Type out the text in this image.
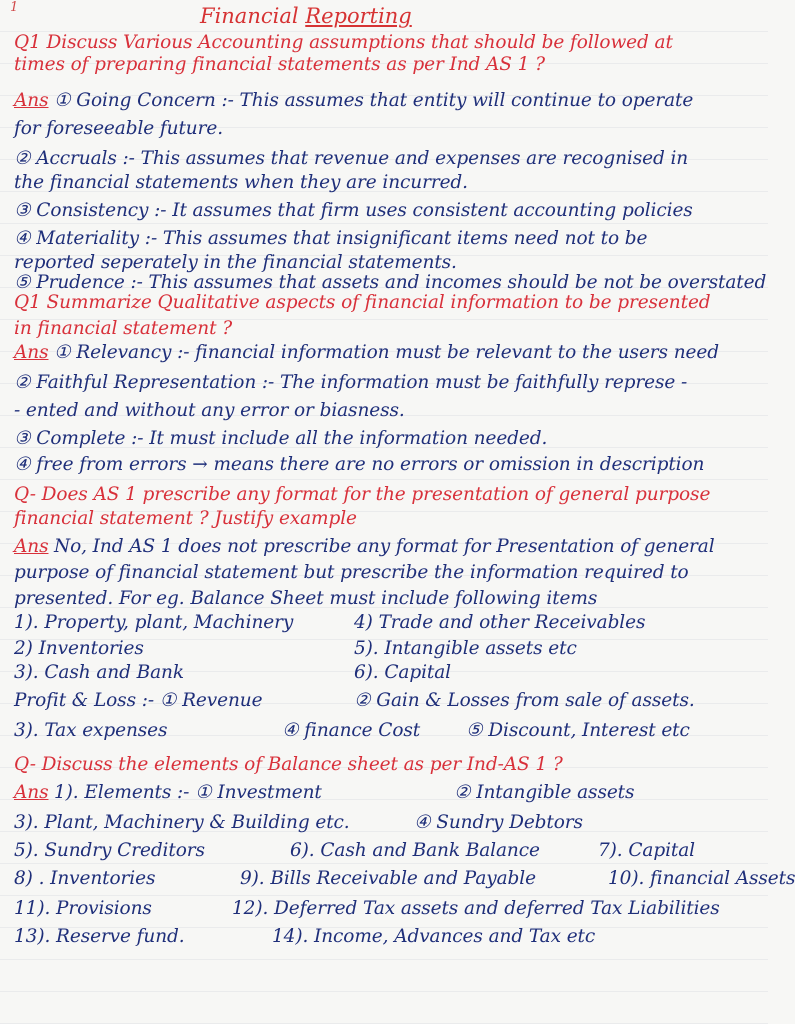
1	Financial Reporting
Q1 Discuss Various Accounting assumptions that should be followed at
times of preparing financial statements as per Ind AS 1 ?
Ans ① Going Concern :- This assumes that entity will continue to operate
for foreseeable future.
② Accruals :- This assumes that revenue and expenses are recognised in
the financial statements when they are incurred.
③ Consistency :- It assumes that firm uses consistent accounting policies
④ Materiality :- This assumes that insignificant items need not to be
reported seperately in the financial statements.
⑤ Prudence :- This assumes that assets and incomes should be not be overstated
Q1 Summarize Qualitative aspects of financial information to be presented
in financial statement ?
Ans ① Relevancy :- financial information must be relevant to the users need
② Faithful Representation :- The information must be faithfully represe -
- ented and without any error or biasness.
③ Complete :- It must include all the information needed.
④ free from errors → means there are no errors or omission in description
Q- Does AS 1 prescribe any format for the presentation of general purpose
financial statement ? Justify example
Ans No, Ind AS 1 does not prescribe any format for Presentation of general
purpose of financial statement but prescribe the information required to
presented. For eg. Balance Sheet must include following items
1). Property, plant, Machinery	4) Trade and other Receivables
2) Inventories	5). Intangible assets etc
3). Cash and Bank	6). Capital
Profit & Loss :- ① Revenue	② Gain & Losses from sale of assets.
3). Tax expenses	④ finance Cost ⑤ Discount, Interest etc
Q- Discuss the elements of Balance sheet as per Ind-AS 1 ?
Ans 1). Elements :- ① Investment	② Intangible assets
3). Plant, Machinery & Building etc.	④ Sundry Debtors
5). Sundry Creditors	6). Cash and Bank Balance	7). Capital
8) . Inventories	9). Bills Receivable and Payable	10). financial Assets
11). Provisions	12). Deferred Tax assets and deferred Tax Liabilities
13). Reserve fund.	14). Income, Advances and Tax etc
